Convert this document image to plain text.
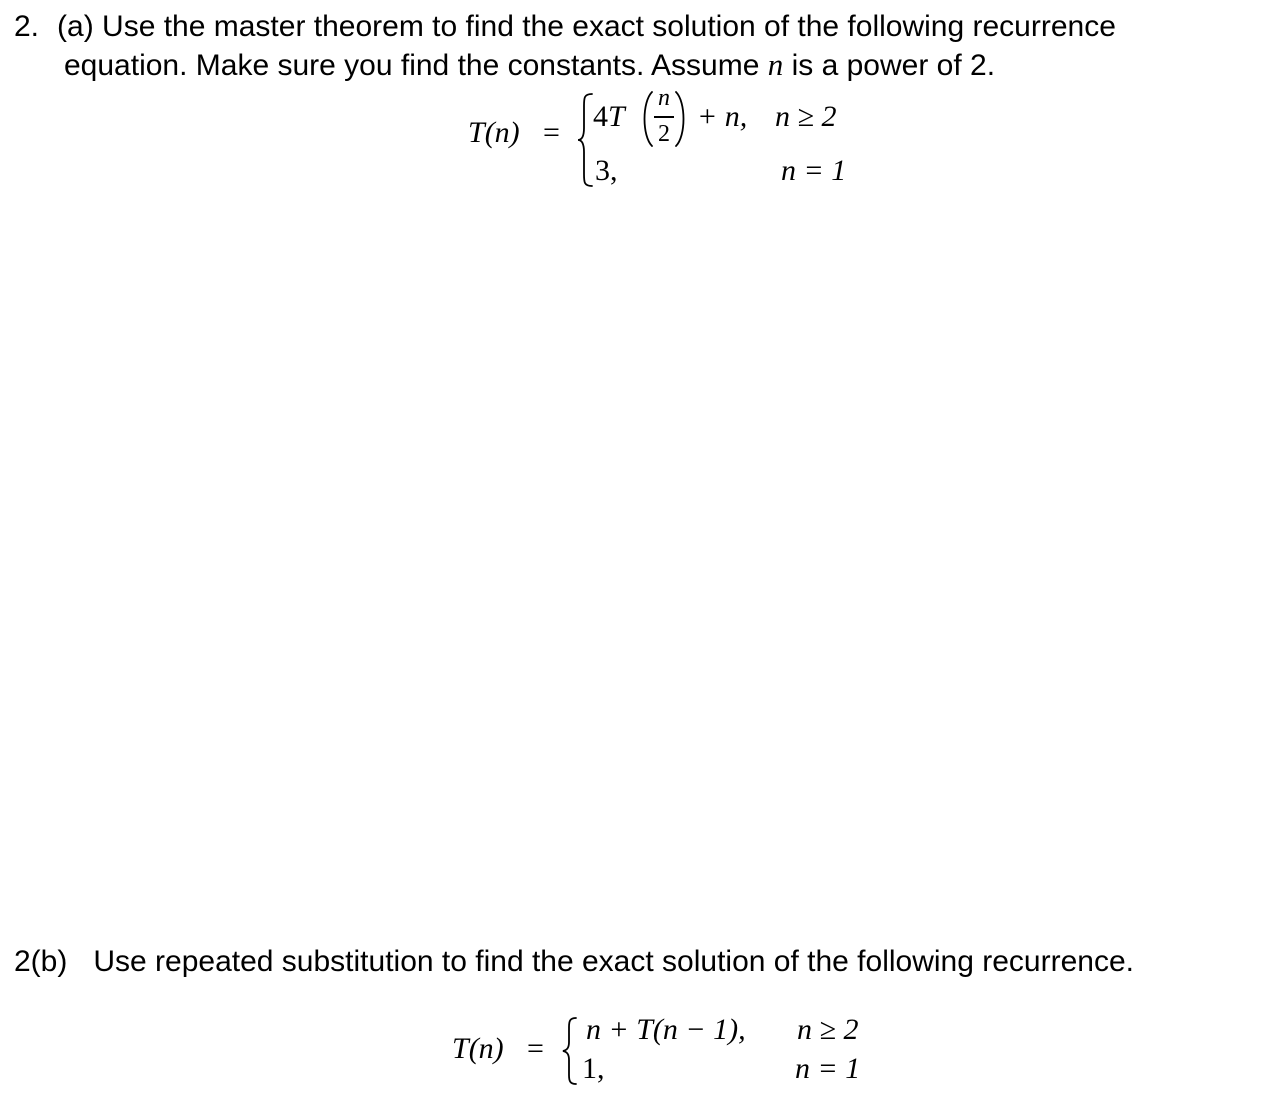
2. (a) Use the master theorem to find the exact solution of the following recurrence
equation. Make sure you find the constants. Assume n is a power of 2.
T(n) = 4T
n
2
+ n, n ≥ 2
3,	n = 1
2(b) Use repeated substitution to find the exact solution of the following recurrence.
T(n) =
n + T(n − 1), n ≥ 2
1,	n = 1
